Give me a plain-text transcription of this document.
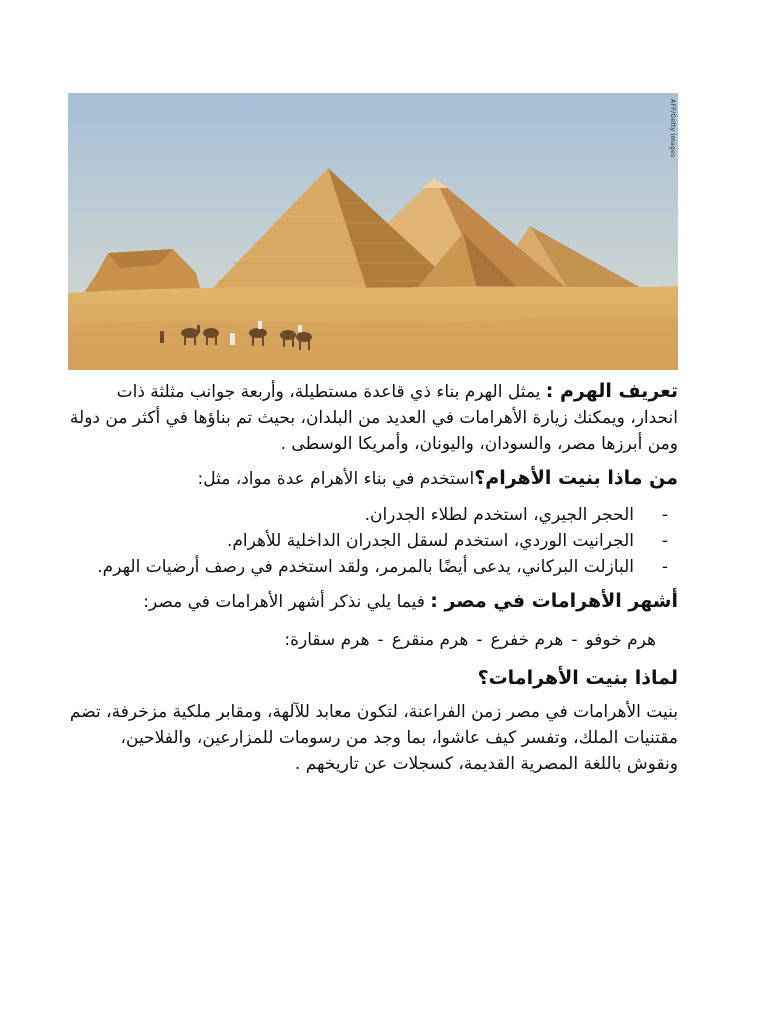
AFP/Getty Images

تعريف الهرم : يمثل الهرم بناء ذي قاعدة مستطيلة، وأربعة جوانب مثلثة ذات انحدار، ويمكنك زيارة الأهرامات في العديد من البلدان، بحيث تم بناؤها في أكثر من دولة ومن أبرزها مصر، والسودان، واليونان، وأمريكا الوسطى .

من ماذا بنيت الأهرام؟استخدم في بناء الأهرام عدة مواد، مثل:

-
الحجر الجيري، استخدم لطلاء الجدران.
-
الجرانيت الوردي، استخدم لسقل الجدران الداخلية للأهرام.
-
البازلت البركاني، يدعى أيضًا بالمرمر، ولقد استخدم في رصف أرضيات الهرم.

أشهر الأهرامات في مصر : فيما يلي نذكر أشهر الأهرامات في مصر:

هرم خوفو-هرم خفرع-هرم منقرع-هرم سقارة:
لماذا بنيت الأهرامات؟

بنيت الأهرامات في مصر زمن الفراعنة، لتكون معابد للآلهة، ومقابر ملكية مزخرفة، تضم مقتنيات الملك، وتفسر كيف عاشوا، بما وجد من رسومات للمزارعين، والفلاحين، ونقوش باللغة المصرية القديمة، كسجلات عن تاريخهم .
